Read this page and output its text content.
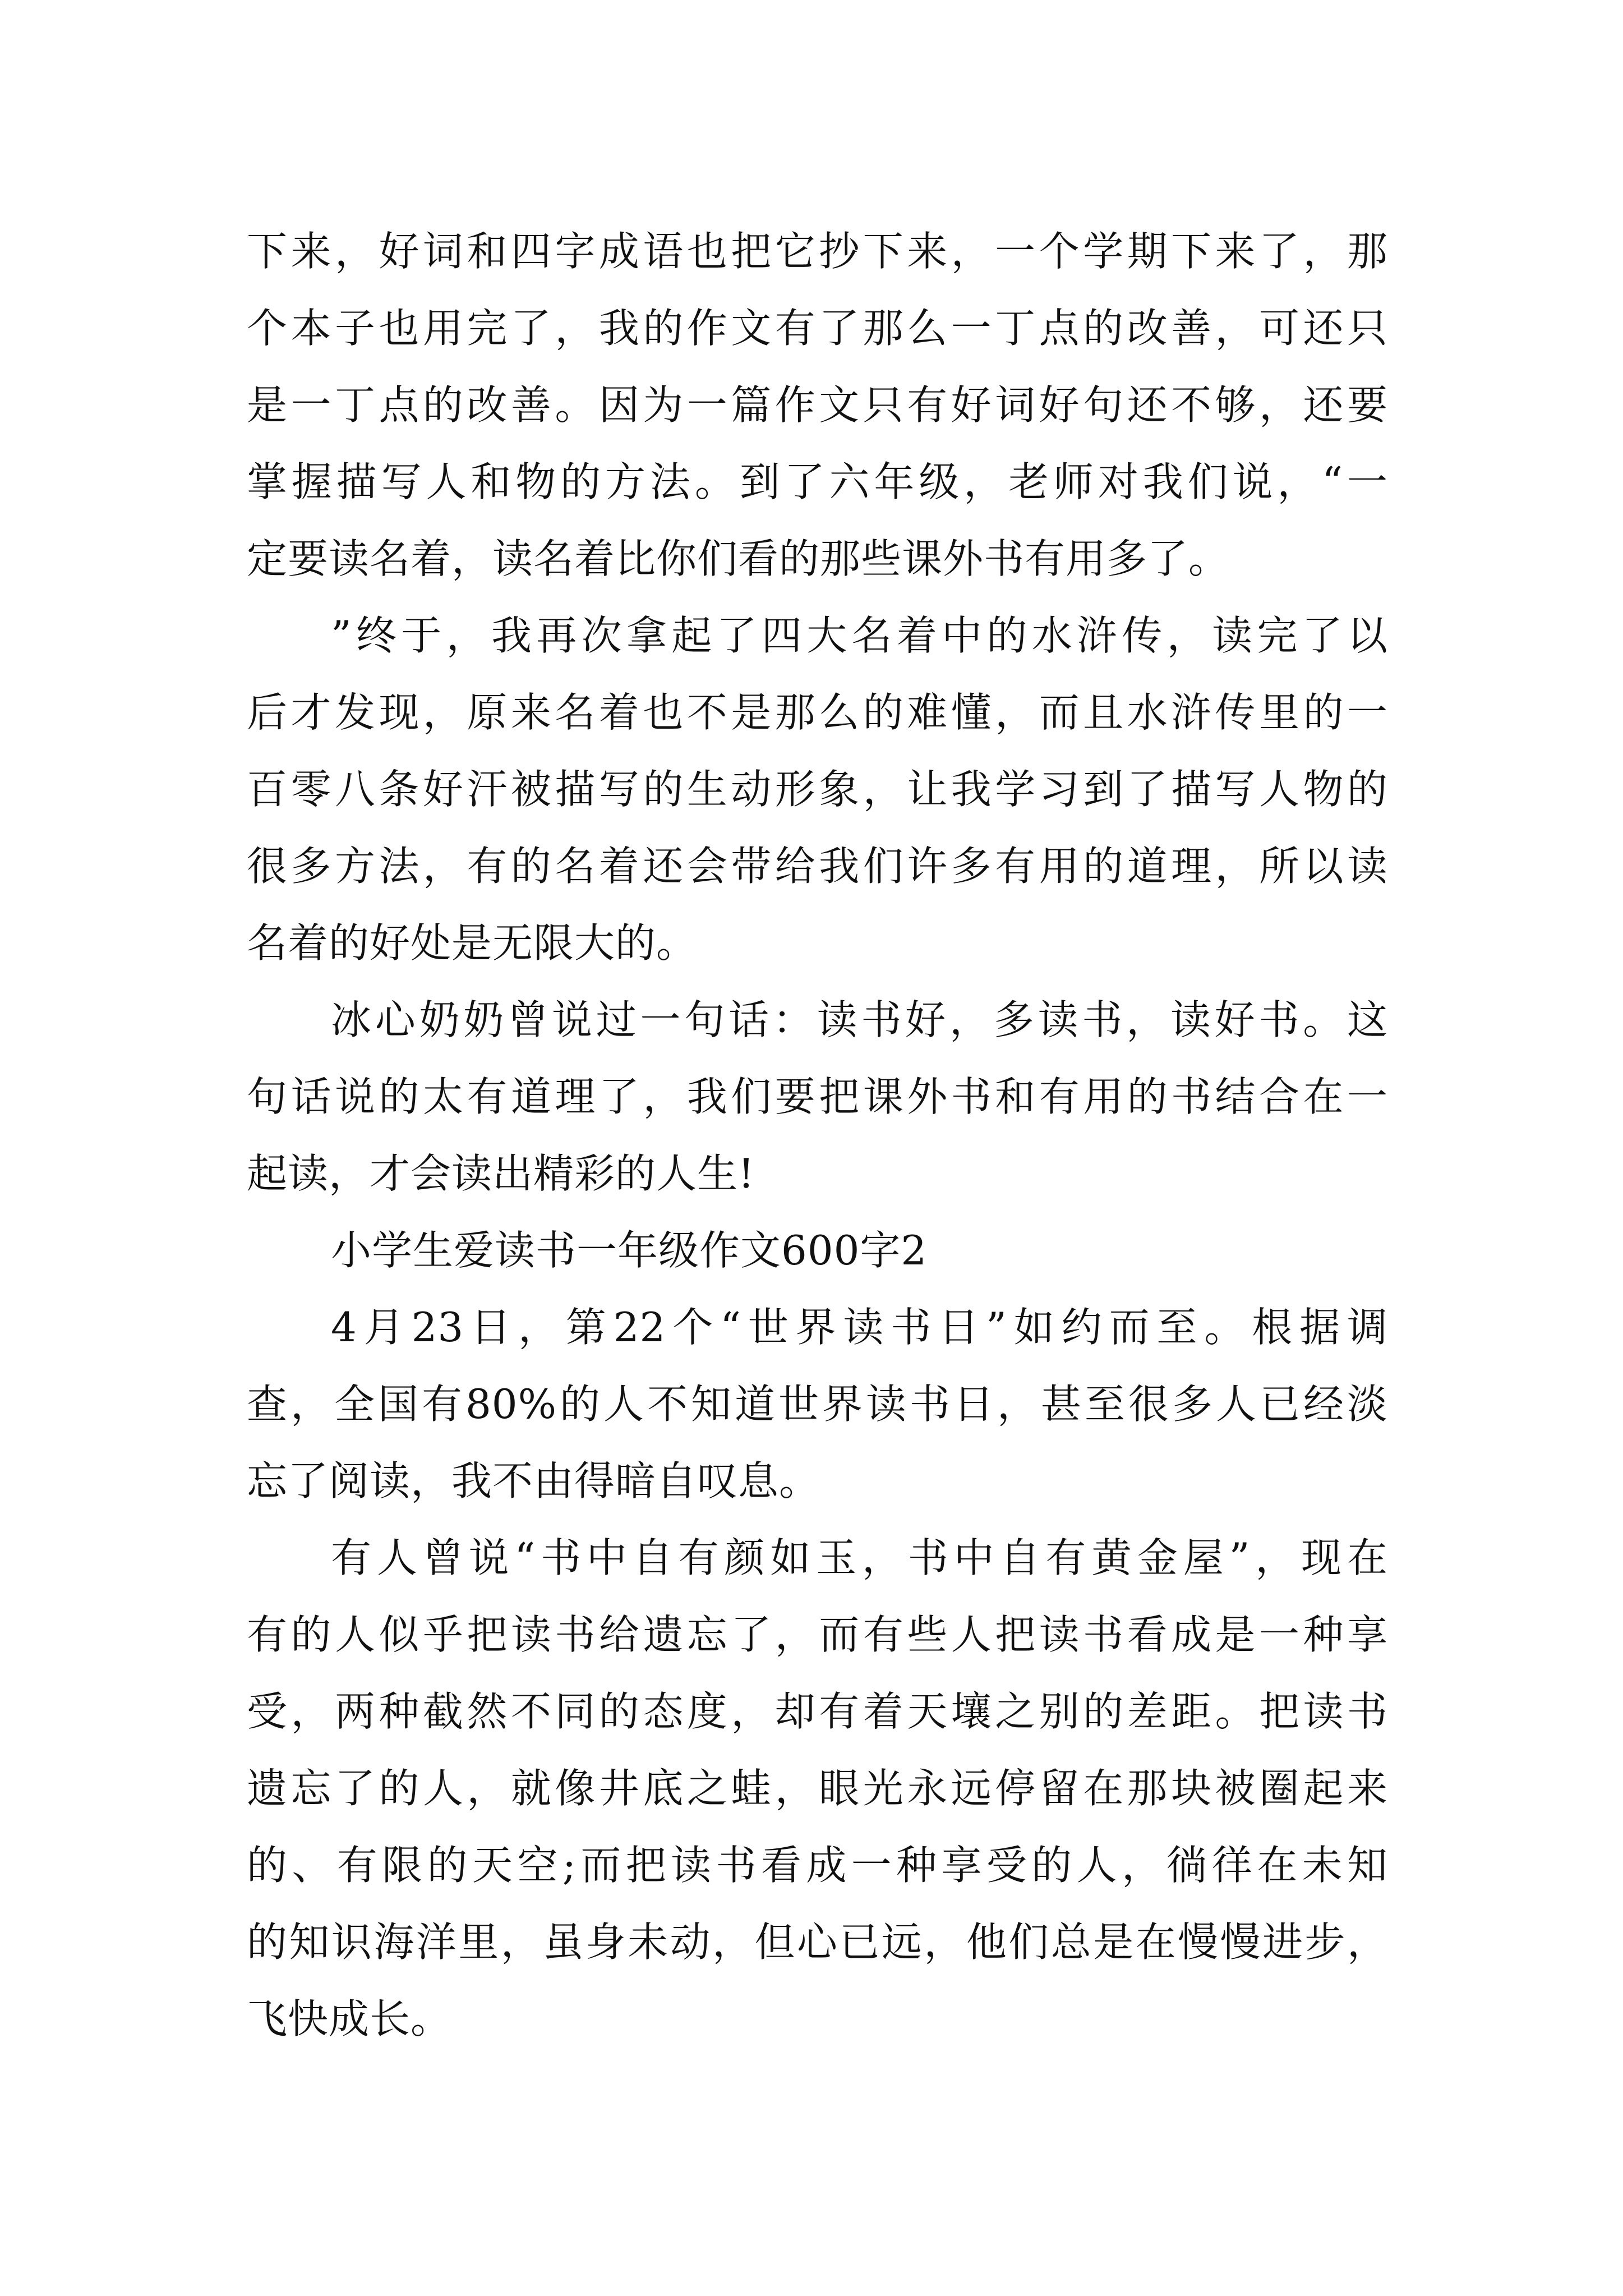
下来，好词和四字成语也把它抄下来，一个学期下来了，那
个本子也用完了，我的作文有了那么一丁点的改善，可还只
是一丁点的改善。因为一篇作文只有好词好句还不够，还要
掌握描写人和物的方法。到了六年级，老师对我们说，“一
定要读名着，读名着比你们看的那些课外书有用多了。
”终于，我再次拿起了四大名着中的水浒传，读完了以
后才发现，原来名着也不是那么的难懂，而且水浒传里的一
百零八条好汗被描写的生动形象，让我学习到了描写人物的
很多方法，有的名着还会带给我们许多有用的道理，所以读
名着的好处是无限大的。
冰心奶奶曾说过一句话：读书好，多读书，读好书。这
句话说的太有道理了，我们要把课外书和有用的书结合在一
起读，才会读出精彩的人生!
小学生爱读书一年级作文600字2
4月23日，第22个“世界读书日”如约而至。根据调
查，全国有80%的人不知道世界读书日，甚至很多人已经淡
忘了阅读，我不由得暗自叹息。
有人曾说“书中自有颜如玉，书中自有黄金屋”，现在
有的人似乎把读书给遗忘了，而有些人把读书看成是一种享
受，两种截然不同的态度，却有着天壤之别的差距。把读书
遗忘了的人，就像井底之蛙，眼光永远停留在那块被圈起来
的、有限的天空;而把读书看成一种享受的人，徜徉在未知
的知识海洋里，虽身未动，但心已远，他们总是在慢慢进步，
飞快成长。
